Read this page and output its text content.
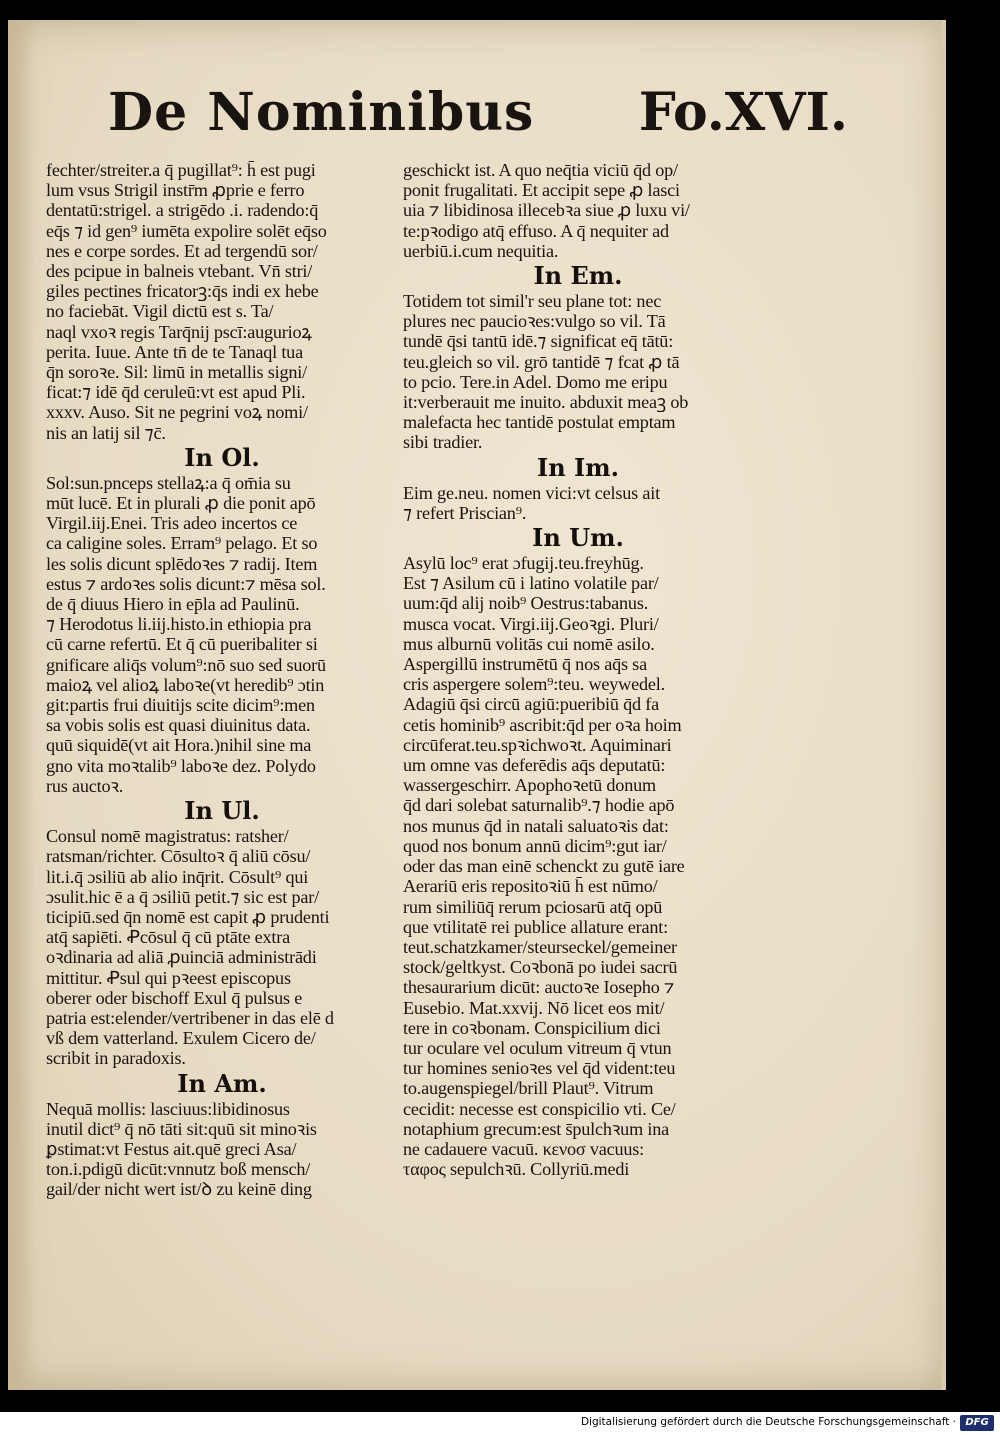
De Nominibus Fo.XVI.
fechter/streiter.a q̄ pugillat⁹: h̄ est pugi
lum vsus Strigil instr̄m ꝓprie e ferro
dentatū:strigel. a strigēdo .i. radendo:q̄
eq̄s ⁊ id gen⁹ iumēta expolire solēt eq̄so
nes e corpe sordes. Et ad tergendū sor/
des pcipue in balneis vtebant. Vn̄ stri/
giles pectines fricatorꝫ:q̄s indi ex hebe
no faciebāt. Vigil dictū est s. Ta/
naql vxoꝛ regis Tarq̄nij pscī:augurioꝝ
perita. Iuue. Ante tn̄ de te Tanaql tua
q̄n soroꝛe. Sil: limū in metallis signi/
ficat:⁊ idē q̄d ceruleū:vt est apud Pli.
xxxv. Auso. Sit ne pegrini voꝝ nomi/
nis an latij sil ⁊c̄.
In Ol.
Sol:sun.pnceps stellaꝝ:a q̄ om̄ia su
mūt lucē. Et in plurali ꝓ die ponit apō
Virgil.iij.Enei. Tris adeo incertos ce
ca caligine soles. Erram⁹ pelago. Et so
les solis dicunt splēdoꝛes ⁊ radij. Item
estus ⁊ ardoꝛes solis dicunt:⁊ mēsa sol.
de q̄ diuus Hiero in ep̄la ad Paulinū.
⁊ Herodotus li.iij.histo.in ethiopia pra
cū carne refertū. Et q̄ cū pueribaliter si
gnificare aliq̄s volum⁹:nō suo sed suorū
maioꝝ vel alioꝝ laboꝛe(vt heredib⁹ ɔtin
git:partis frui diuitijs scite dicim⁹:men
sa vobis solis est quasi diuinitus data.
quū siquidē(vt ait Hora.)nihil sine ma
gno vita moꝛtalib⁹ laboꝛe dez. Polydo
rus auctoꝛ.
In Ul.
Consul nomē magistratus: ratsher/
ratsman/richter. Cōsultoꝛ q̄ aliū cōsu/
lit.i.q̄ ɔsiliū ab alio inq̄rit. Cōsult⁹ qui
ɔsulit.hic ē a q̄ ɔsiliū petit.⁊ sic est par/
ticipiū.sed q̄n nomē est capit ꝓ prudenti
atq̄ sapiēti. Ꝓcōsul q̄ cū ptāte extra
oꝛdinaria ad aliā ꝓuinciā administrādi
mittitur. Ꝓsul qui pꝛeest episcopus
oberer oder bischoff Exul q̄ pulsus e
patria est:elender/vertribener in das elē d
vß dem vatterland. Exulem Cicero de/
scribit in paradoxis.
In Am.
Nequā mollis: lasciuus:libidinosus
inutil dict⁹ q̄ nō tāti sit:quū sit minoꝛis
ꝑstimat:vt Festus ait.quē greci Asa/
ton.i.pdigū dicūt:vnnutz boß mensch/
gail/der nicht wert ist/ꝺ zu keinē ding
geschickt ist. A quo neq̄tia viciū q̄d op/
ponit frugalitati. Et accipit sepe ꝓ lasci
uia ⁊ libidinosa illecebꝛa siue ꝓ luxu vi/
te:pꝛodigo atq̄ effuso. A q̄ nequiter ad
uerbiū.i.cum nequitia.
In Em.
Totidem tot simil'r seu plane tot: nec
plures nec paucioꝛes:vulgo so vil. Tā
tundē q̄si tantū idē.⁊ significat eq̄ tātū:
teu.gleich so vil. grō tantidē ⁊ fcat ꝓ tā
to pcio. Tere.in Adel. Domo me eripu
it:verberauit me inuito. abduxit meaꝫ ob
malefacta hec tantidē postulat emptam
sibi tradier.
In Im.
Eim ge.neu. nomen vici:vt celsus ait
⁊ refert Priscian⁹.
In Um.
Asylū loc⁹ erat ɔfugij.teu.freyhūg.
Est ⁊ Asilum cū i latino volatile par/
uum:q̄d alij noib⁹ Oestrus:tabanus.
musca vocat. Virgi.iij.Geoꝛgi. Pluri/
mus alburnū volitās cui nomē asilo.
Aspergillū instrumētū q̄ nos aq̄s sa
cris aspergere solem⁹:teu. weywedel.
Adagiū q̄si circū agiū:pueribiū q̄d fa
cetis hominib⁹ ascribit:q̄d per oꝛa hoim
circūferat.teu.spꝛichwoꝛt. Aquiminari
um omne vas deferēdis aq̄s deputatū:
wassergeschirr. Apophoꝛetū donum
q̄d dari solebat saturnalib⁹.⁊ hodie apō
nos munus q̄d in natali saluatoꝛis dat:
quod nos bonum annū dicim⁹:gut iar/
oder das man einē schenckt zu gutē iare
Aerariū eris repositoꝛiū h̄ est nūmo/
rum similiūq̄ rerum pciosarū atq̄ opū
que vtilitatē rei publice allature erant:
teut.schatzkamer/steurseckel/gemeiner
stock/geltkyst. Coꝛbonā po iudei sacrū
thesaurarium dicūt: auctoꝛe Iosepho ⁊
Eusebio. Mat.xxvij. Nō licet eos mit/
tere in coꝛbonam. Conspicilium dici
tur oculare vel oculum vitreum q̄ vtun
tur homines senioꝛes vel q̄d vident:teu
to.augenspiegel/brill Plaut⁹. Vitrum
cecidit: necesse est conspicilio vti. Ce/
notaphium grecum:est s̄pulchꝛum ina
ne cadauere vacuū. κενοσ vacuus:
ταφος sepulchꝛū. Collyriū.medi
Digitalisierung gefördert durch die Deutsche Forschungsgemeinschaft · DFG
